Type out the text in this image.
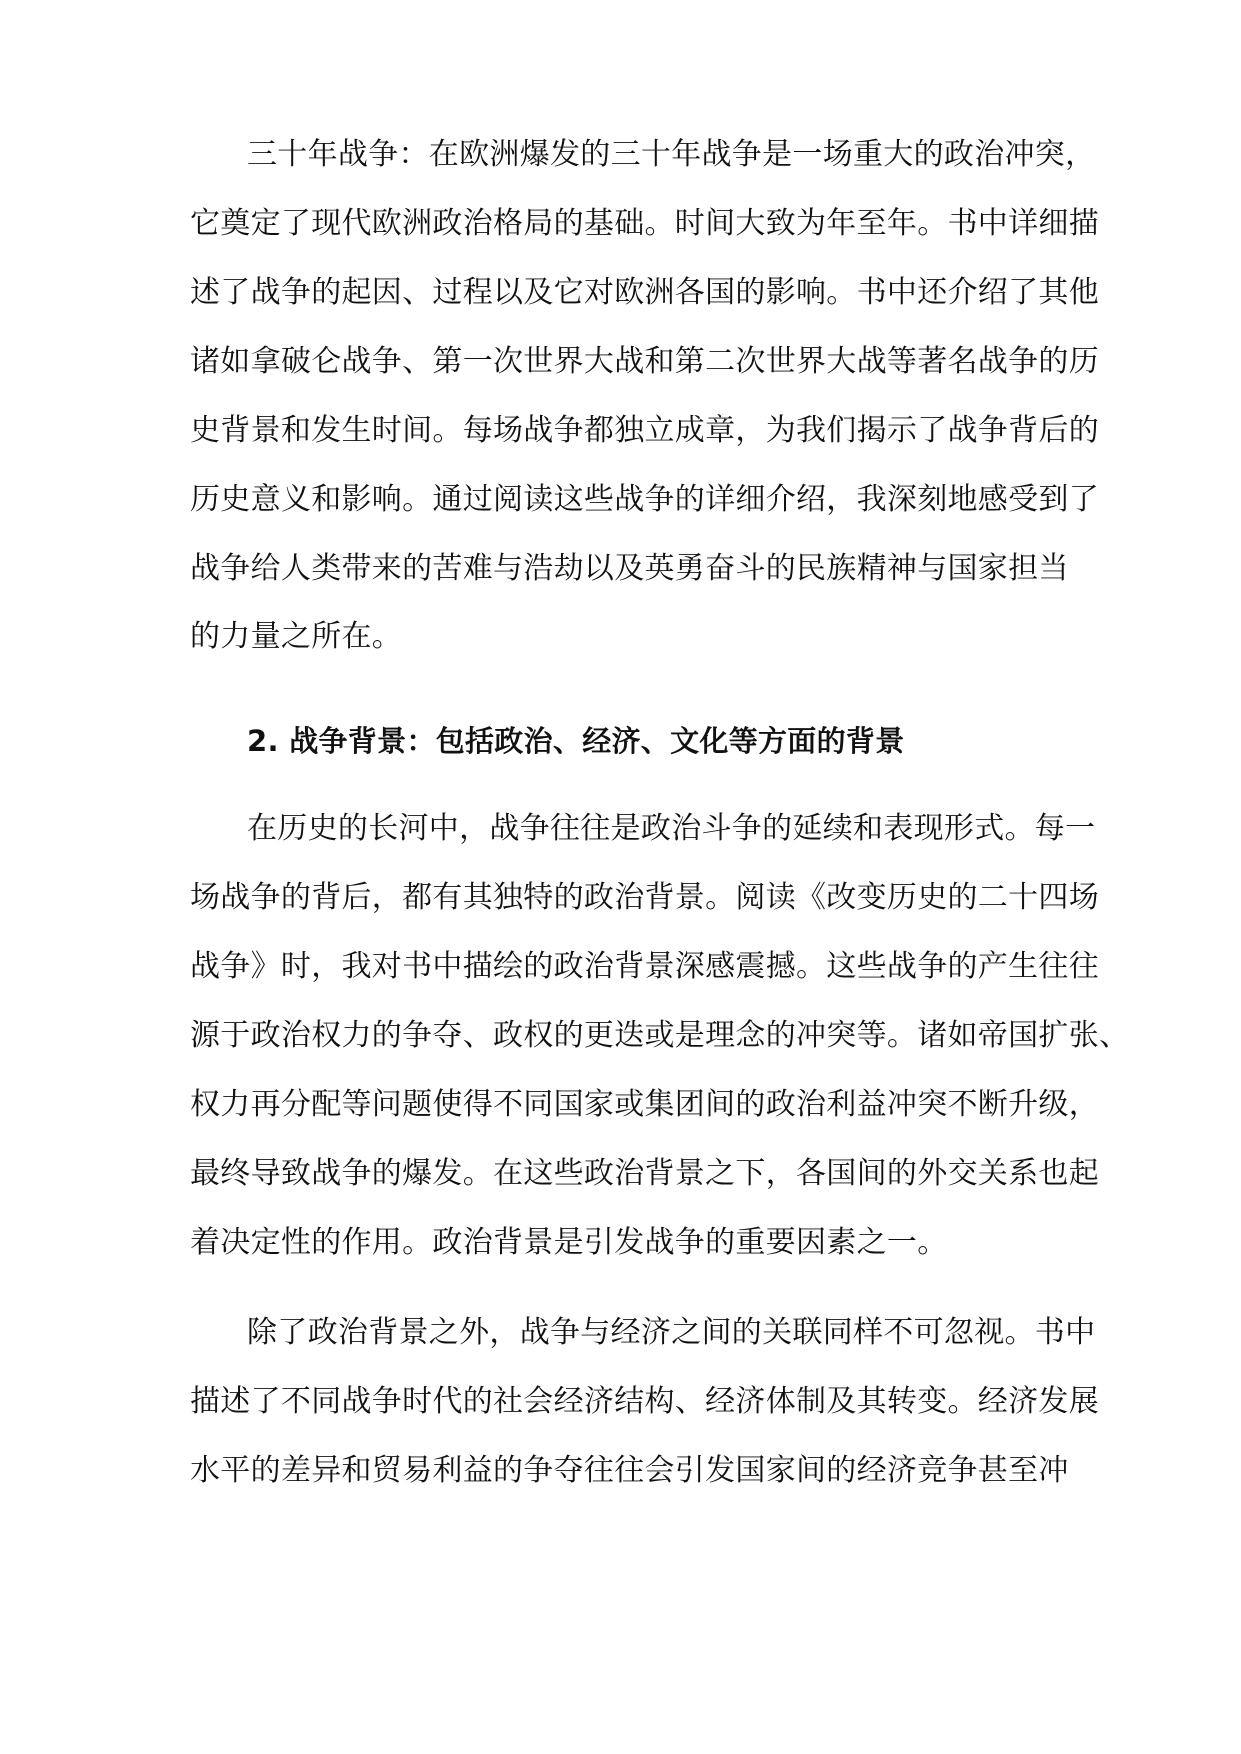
三十年战争：在欧洲爆发的三十年战争是一场重大的政治冲突，
它奠定了现代欧洲政治格局的基础。时间大致为年至年。书中详细描
述了战争的起因、过程以及它对欧洲各国的影响。书中还介绍了其他
诸如拿破仑战争、第一次世界大战和第二次世界大战等著名战争的历
史背景和发生时间。每场战争都独立成章，为我们揭示了战争背后的
历史意义和影响。通过阅读这些战争的详细介绍，我深刻地感受到了
战争给人类带来的苦难与浩劫以及英勇奋斗的民族精神与国家担当
的力量之所在。
2. 战争背景：包括政治、经济、文化等方面的背景
在历史的长河中，战争往往是政治斗争的延续和表现形式。每一
场战争的背后，都有其独特的政治背景。阅读《改变历史的二十四场
战争》时，我对书中描绘的政治背景深感震撼。这些战争的产生往往
源于政治权力的争夺、政权的更迭或是理念的冲突等。诸如帝国扩张、
权力再分配等问题使得不同国家或集团间的政治利益冲突不断升级，
最终导致战争的爆发。在这些政治背景之下，各国间的外交关系也起
着决定性的作用。政治背景是引发战争的重要因素之一。
除了政治背景之外，战争与经济之间的关联同样不可忽视。书中
描述了不同战争时代的社会经济结构、经济体制及其转变。经济发展
水平的差异和贸易利益的争夺往往会引发国家间的经济竞争甚至冲
